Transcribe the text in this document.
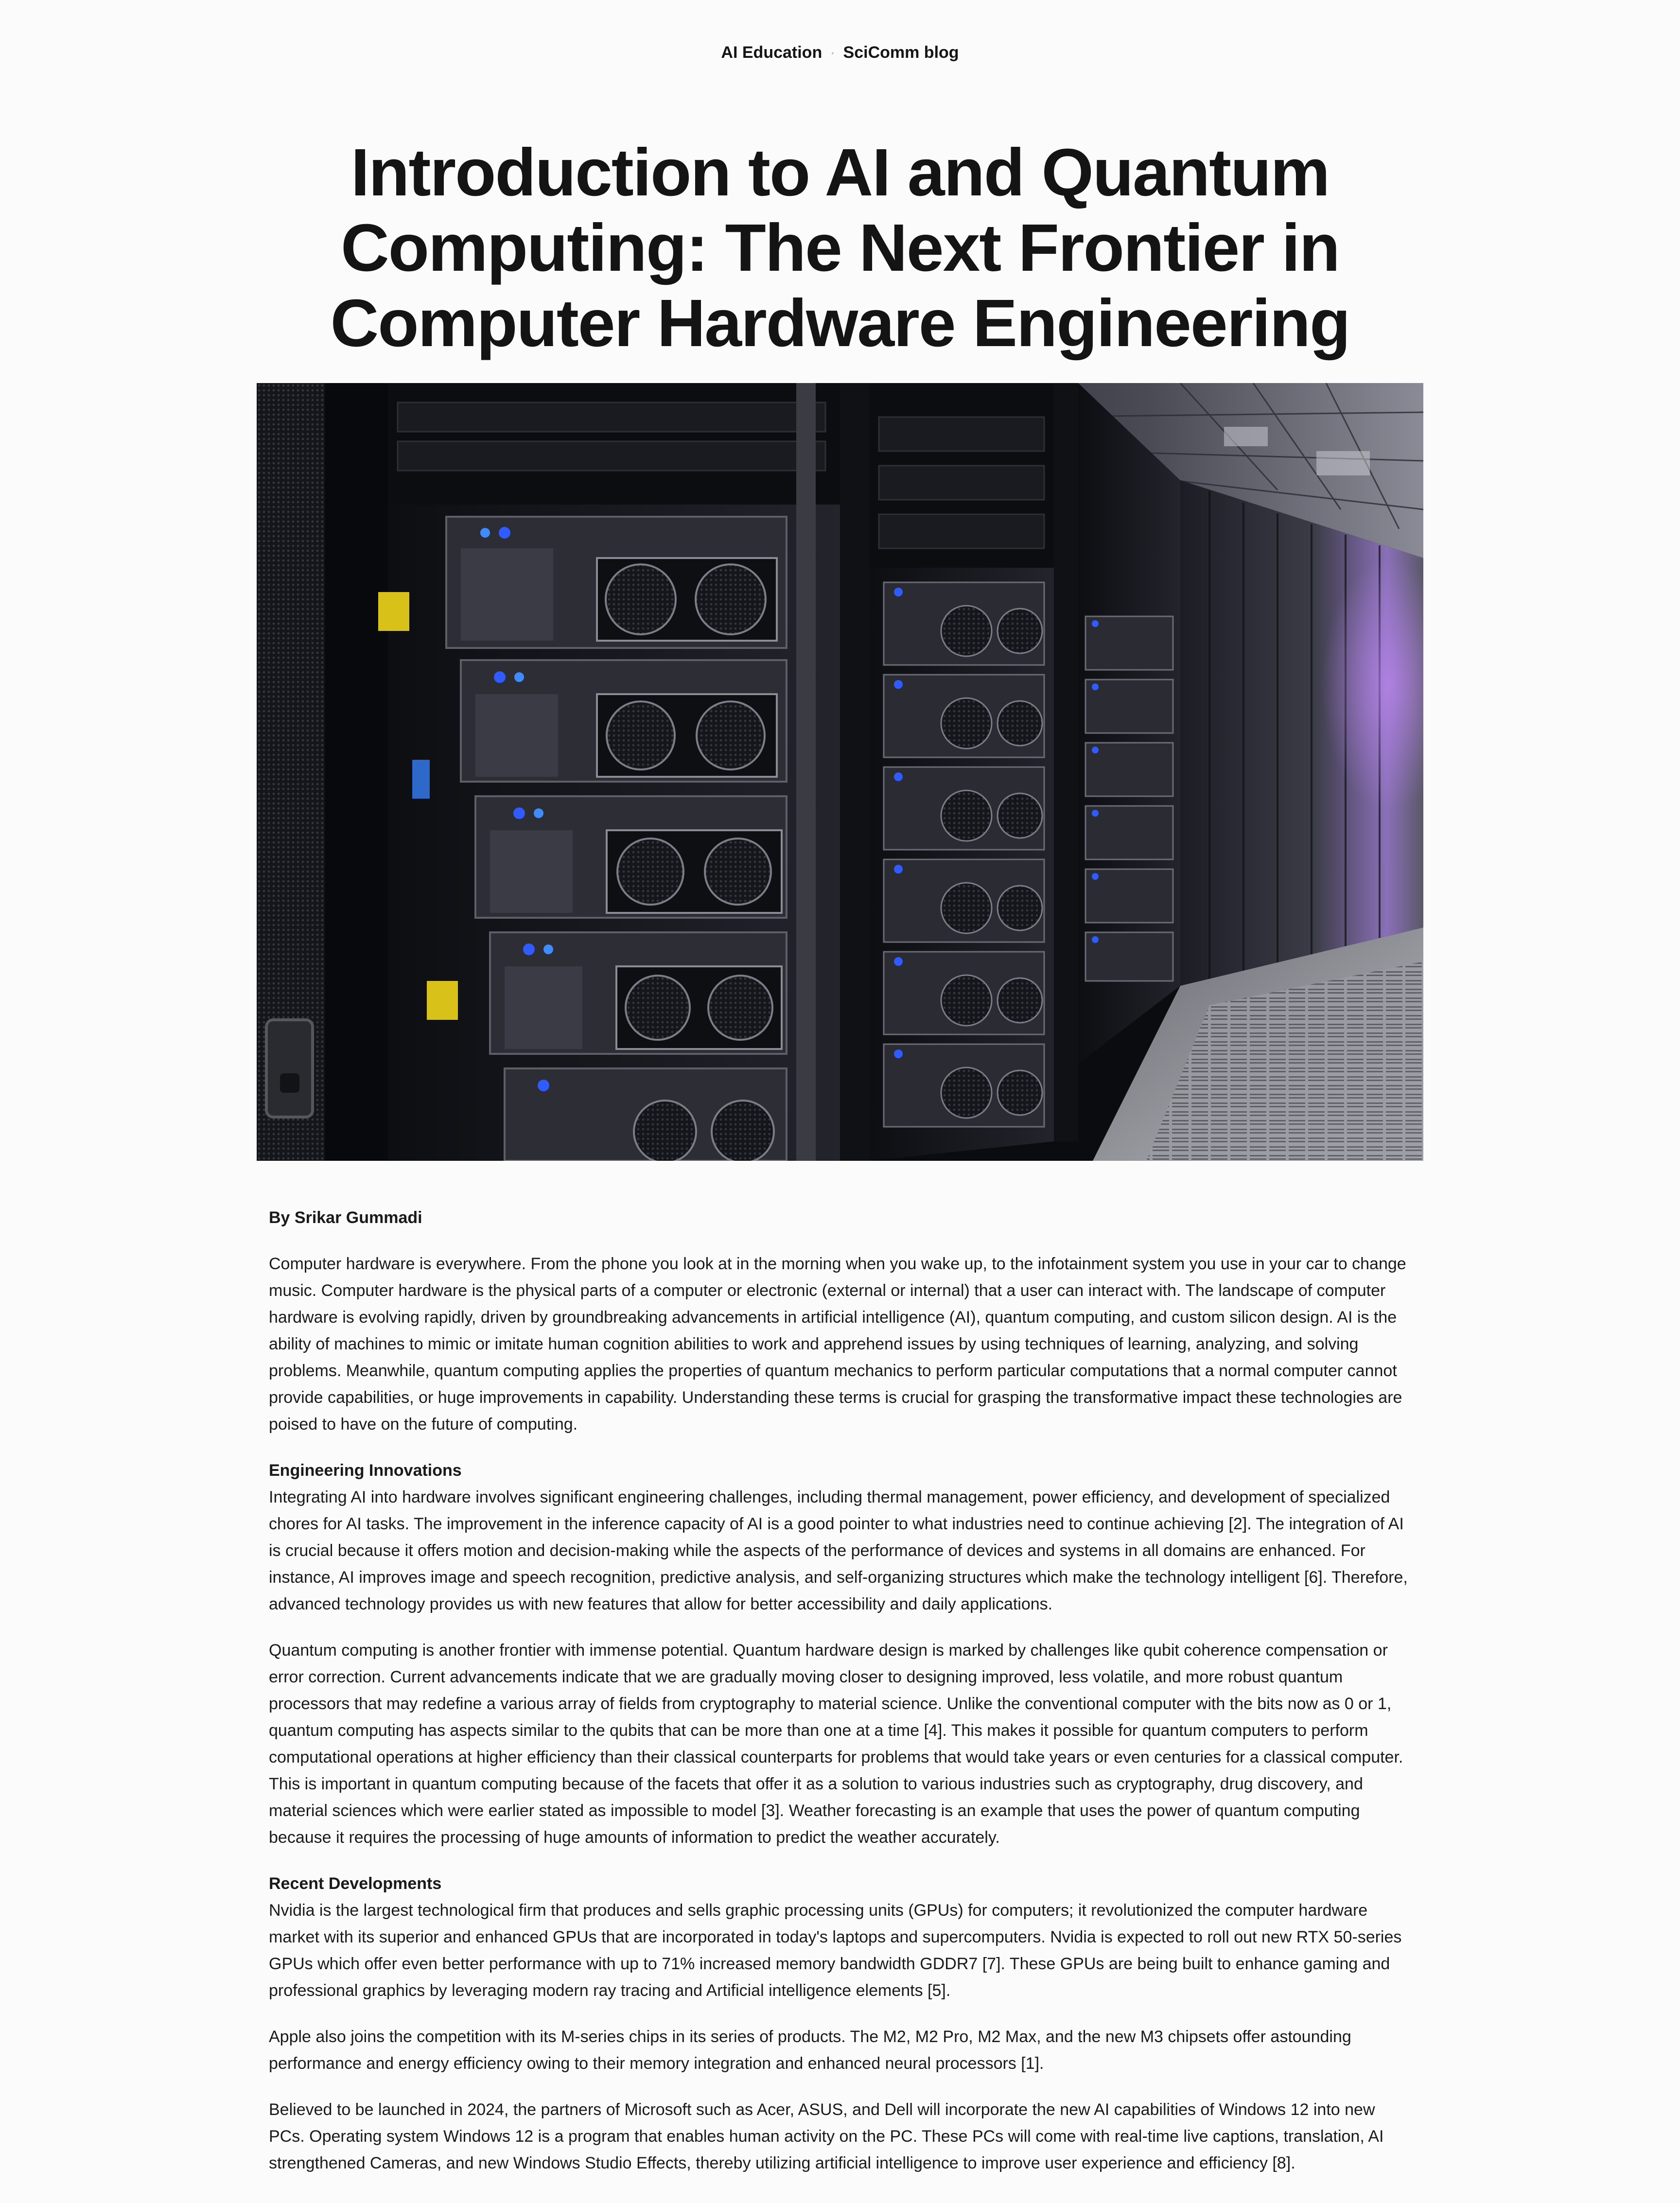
AI Education · SciComm blog
Introduction to AI and Quantum Computing: The Next Frontier in Computer Hardware Engineering

By Srikar Gummadi

Computer hardware is everywhere. From the phone you look at in the morning when you wake up, to the infotainment system you use in your car to change music. Computer hardware is the physical parts of a computer or electronic (external or internal) that a user can interact with. The landscape of computer hardware is evolving rapidly, driven by groundbreaking advancements in artificial intelligence (AI), quantum computing, and custom silicon design. AI is the ability of machines to mimic or imitate human cognition abilities to work and apprehend issues by using techniques of learning, analyzing, and solving problems. Meanwhile, quantum computing applies the properties of quantum mechanics to perform particular computations that a normal computer cannot provide capabilities, or huge improvements in capability. Understanding these terms is crucial for grasping the transformative impact these technologies are poised to have on the future of computing.

Engineering Innovations

Integrating AI into hardware involves significant engineering challenges, including thermal management, power efficiency, and development of specialized chores for AI tasks. The improvement in the inference capacity of AI is a good pointer to what industries need to continue achieving [2]. The integration of AI is crucial because it offers motion and decision-making while the aspects of the performance of devices and systems in all domains are enhanced. For instance, AI improves image and speech recognition, predictive analysis, and self-organizing structures which make the technology intelligent [6]. Therefore, advanced technology provides us with new features that allow for better accessibility and daily applications.

Quantum computing is another frontier with immense potential. Quantum hardware design is marked by challenges like qubit coherence compensation or error correction. Current advancements indicate that we are gradually moving closer to designing improved, less volatile, and more robust quantum processors that may redefine a various array of fields from cryptography to material science. Unlike the conventional computer with the bits now as 0 or 1, quantum computing has aspects similar to the qubits that can be more than one at a time [4]. This makes it possible for quantum computers to perform computational operations at higher efficiency than their classical counterparts for problems that would take years or even centuries for a classical computer. This is important in quantum computing because of the facets that offer it as a solution to various industries such as cryptography, drug discovery, and material sciences which were earlier stated as impossible to model [3]. Weather forecasting is an example that uses the power of quantum computing because it requires the processing of huge amounts of information to predict the weather accurately.

Recent Developments

Nvidia is the largest technological firm that produces and sells graphic processing units (GPUs) for computers; it revolutionized the computer hardware market with its superior and enhanced GPUs that are incorporated in today's laptops and supercomputers. Nvidia is expected to roll out new RTX 50-series GPUs which offer even better performance with up to 71% increased memory bandwidth GDDR7 [7]. These GPUs are being built to enhance gaming and professional graphics by leveraging modern ray tracing and Artificial intelligence elements [5].

Apple also joins the competition with its M-series chips in its series of products. The M2, M2 Pro, M2 Max, and the new M3 chipsets offer astounding performance and energy efficiency owing to their memory integration and enhanced neural processors [1].

Believed to be launched in 2024, the partners of Microsoft such as Acer, ASUS, and Dell will incorporate the new AI capabilities of Windows 12 into new PCs. Operating system Windows 12 is a program that enables human activity on the PC. These PCs will come with real-time live captions, translation, AI strengthened Cameras, and new Windows Studio Effects, thereby utilizing artificial intelligence to improve user experience and efficiency [8].
